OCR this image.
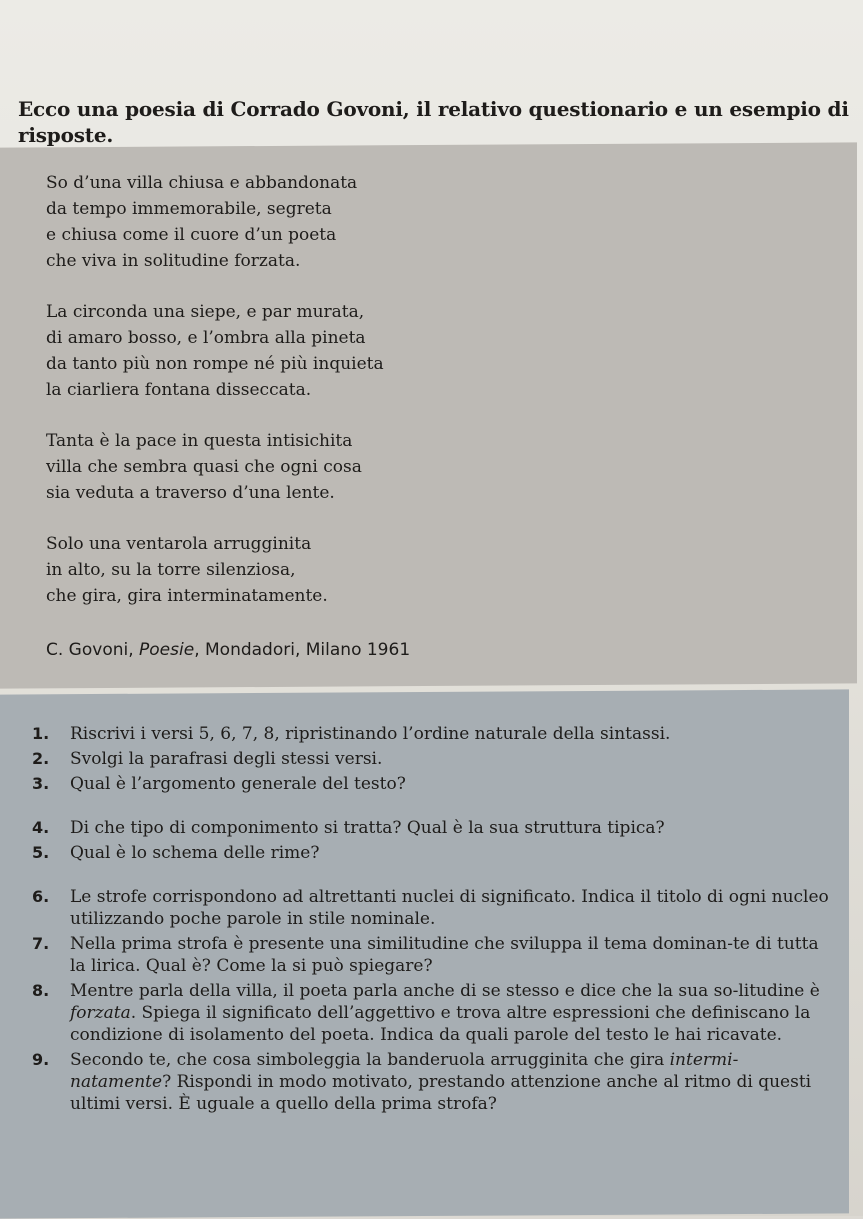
Ecco una poesia di Corrado Govoni, il relativo questionario e un esempio di risposte.
So d’una villa chiusa e abbandonata
da tempo immemorabile, segreta
e chiusa come il cuore d’un poeta
che viva in solitudine forzata.
La circonda una siepe, e par murata,
di amaro bosso, e l’ombra alla pineta
da tanto più non rompe né più inquieta
la ciarliera fontana disseccata.
Tanta è la pace in questa intisichita
villa che sembra quasi che ogni cosa
sia veduta a traverso d’una lente.
Solo una ventarola arrugginita
in alto, su la torre silenziosa,
che gira, gira interminatamente.
C. Govoni, Poesie, Mondadori, Milano 1961
1. Riscrivi i versi 5, 6, 7, 8, ripristinando l’ordine naturale della sintassi.
2. Svolgi la parafrasi degli stessi versi.
3. Qual è l’argomento generale del testo?
4. Di che tipo di componimento si tratta? Qual è la sua struttura tipica?
5. Qual è lo schema delle rime?
6. Le strofe corrispondono ad altrettanti nuclei di significato. Indica il titolo di ogni nucleo utilizzando poche parole in stile nominale.
7. Nella prima strofa è presente una similitudine che sviluppa il tema dominan-te di tutta la lirica. Qual è? Come la si può spiegare?
8. Mentre parla della villa, il poeta parla anche di se stesso e dice che la sua so-litudine è forzata. Spiega il significato dell’aggettivo e trova altre espressioni che definiscano la condizione di isolamento del poeta. Indica da quali parole del testo le hai ricavate.
9. Secondo te, che cosa simboleggia la banderuola arrugginita che gira intermi-natamente? Rispondi in modo motivato, prestando attenzione anche al ritmo di questi ultimi versi. È uguale a quello della prima strofa?
